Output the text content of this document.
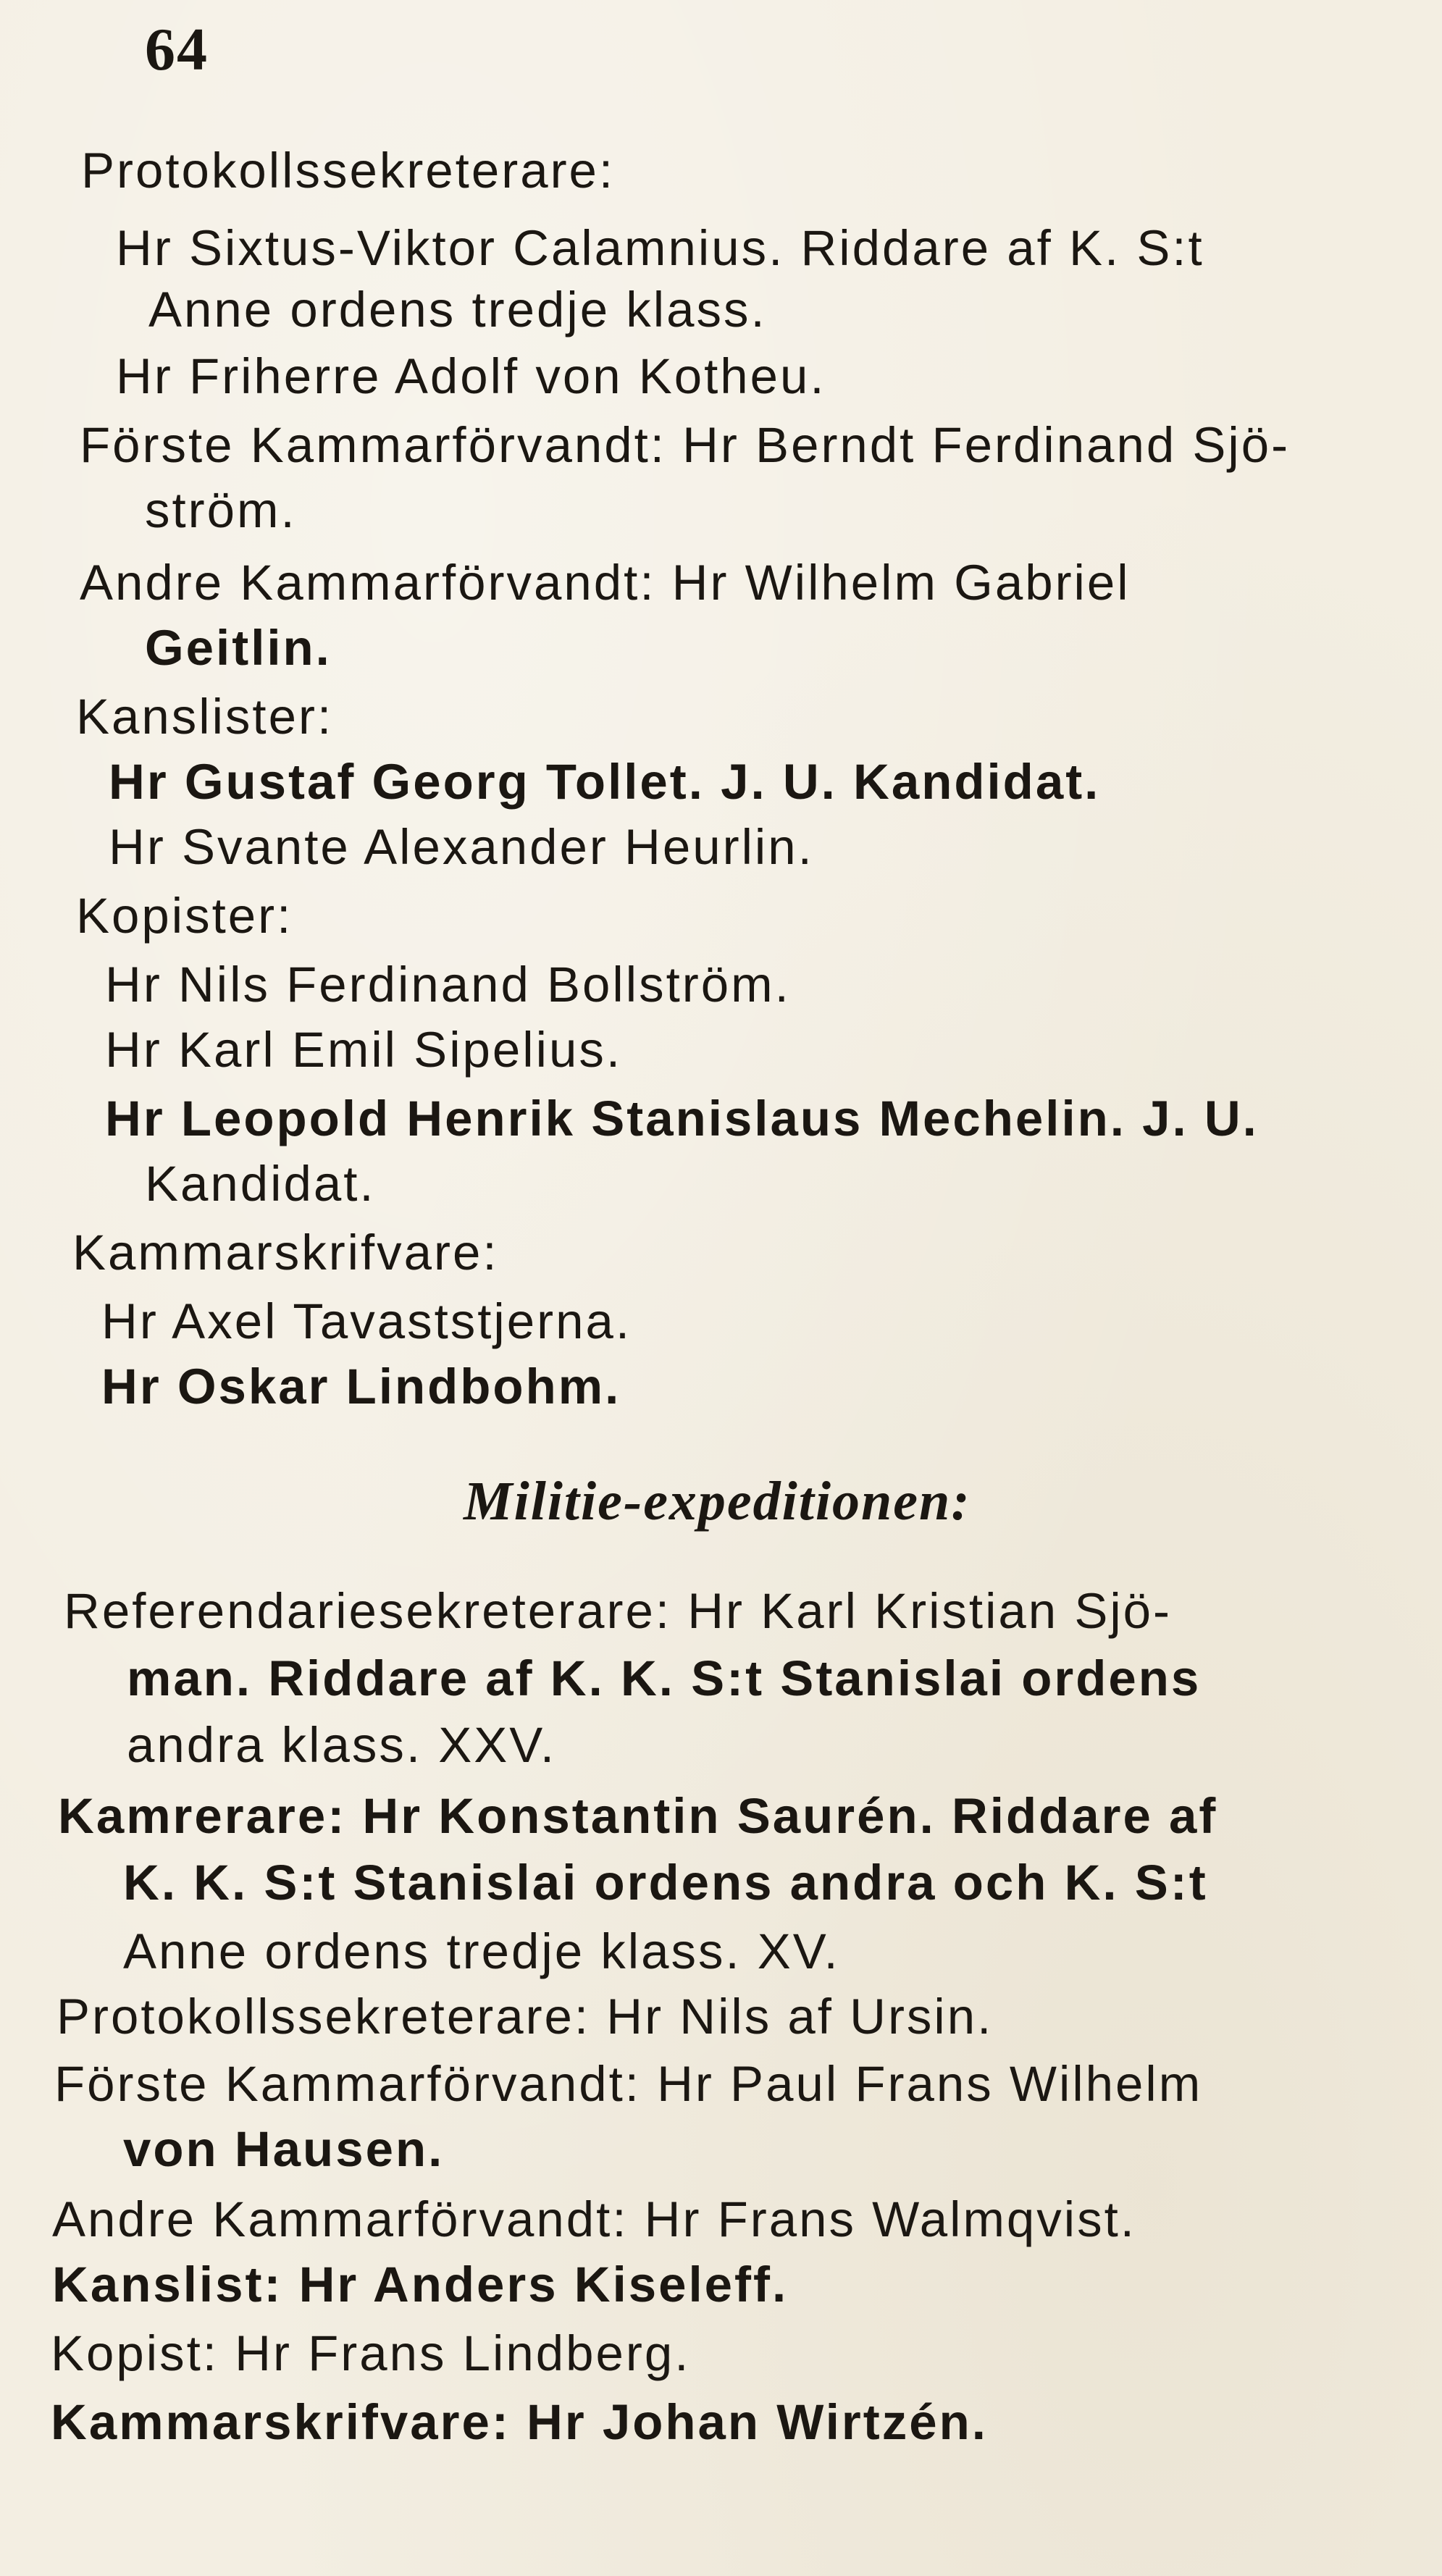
64
Protokollssekreterare:
Hr Sixtus-Viktor Calamnius. Riddare af K. S:t
Anne ordens tredje klass.
Hr Friherre Adolf von Kotheu.
Förste Kammarförvandt: Hr Berndt Ferdinand Sjö-
ström.
Andre Kammarförvandt: Hr Wilhelm Gabriel
Geitlin.
Kanslister:
Hr Gustaf Georg Tollet. J. U. Kandidat.
Hr Svante Alexander Heurlin.
Kopister:
Hr Nils Ferdinand Bollström.
Hr Karl Emil Sipelius.
Hr Leopold Henrik Stanislaus Mechelin. J. U.
Kandidat.
Kammarskrifvare:
Hr Axel Tavaststjerna.
Hr Oskar Lindbohm.
Militie-expeditionen:
Referendariesekreterare: Hr Karl Kristian Sjö-
man. Riddare af K. K. S:t Stanislai ordens
andra klass. XXV.
Kamrerare: Hr Konstantin Saurén. Riddare af
K. K. S:t Stanislai ordens andra och K. S:t
Anne ordens tredje klass. XV.
Protokollssekreterare: Hr Nils af Ursin.
Förste Kammarförvandt: Hr Paul Frans Wilhelm
von Hausen.
Andre Kammarförvandt: Hr Frans Walmqvist.
Kanslist: Hr Anders Kiseleff.
Kopist: Hr Frans Lindberg.
Kammarskrifvare: Hr Johan Wirtzén.
